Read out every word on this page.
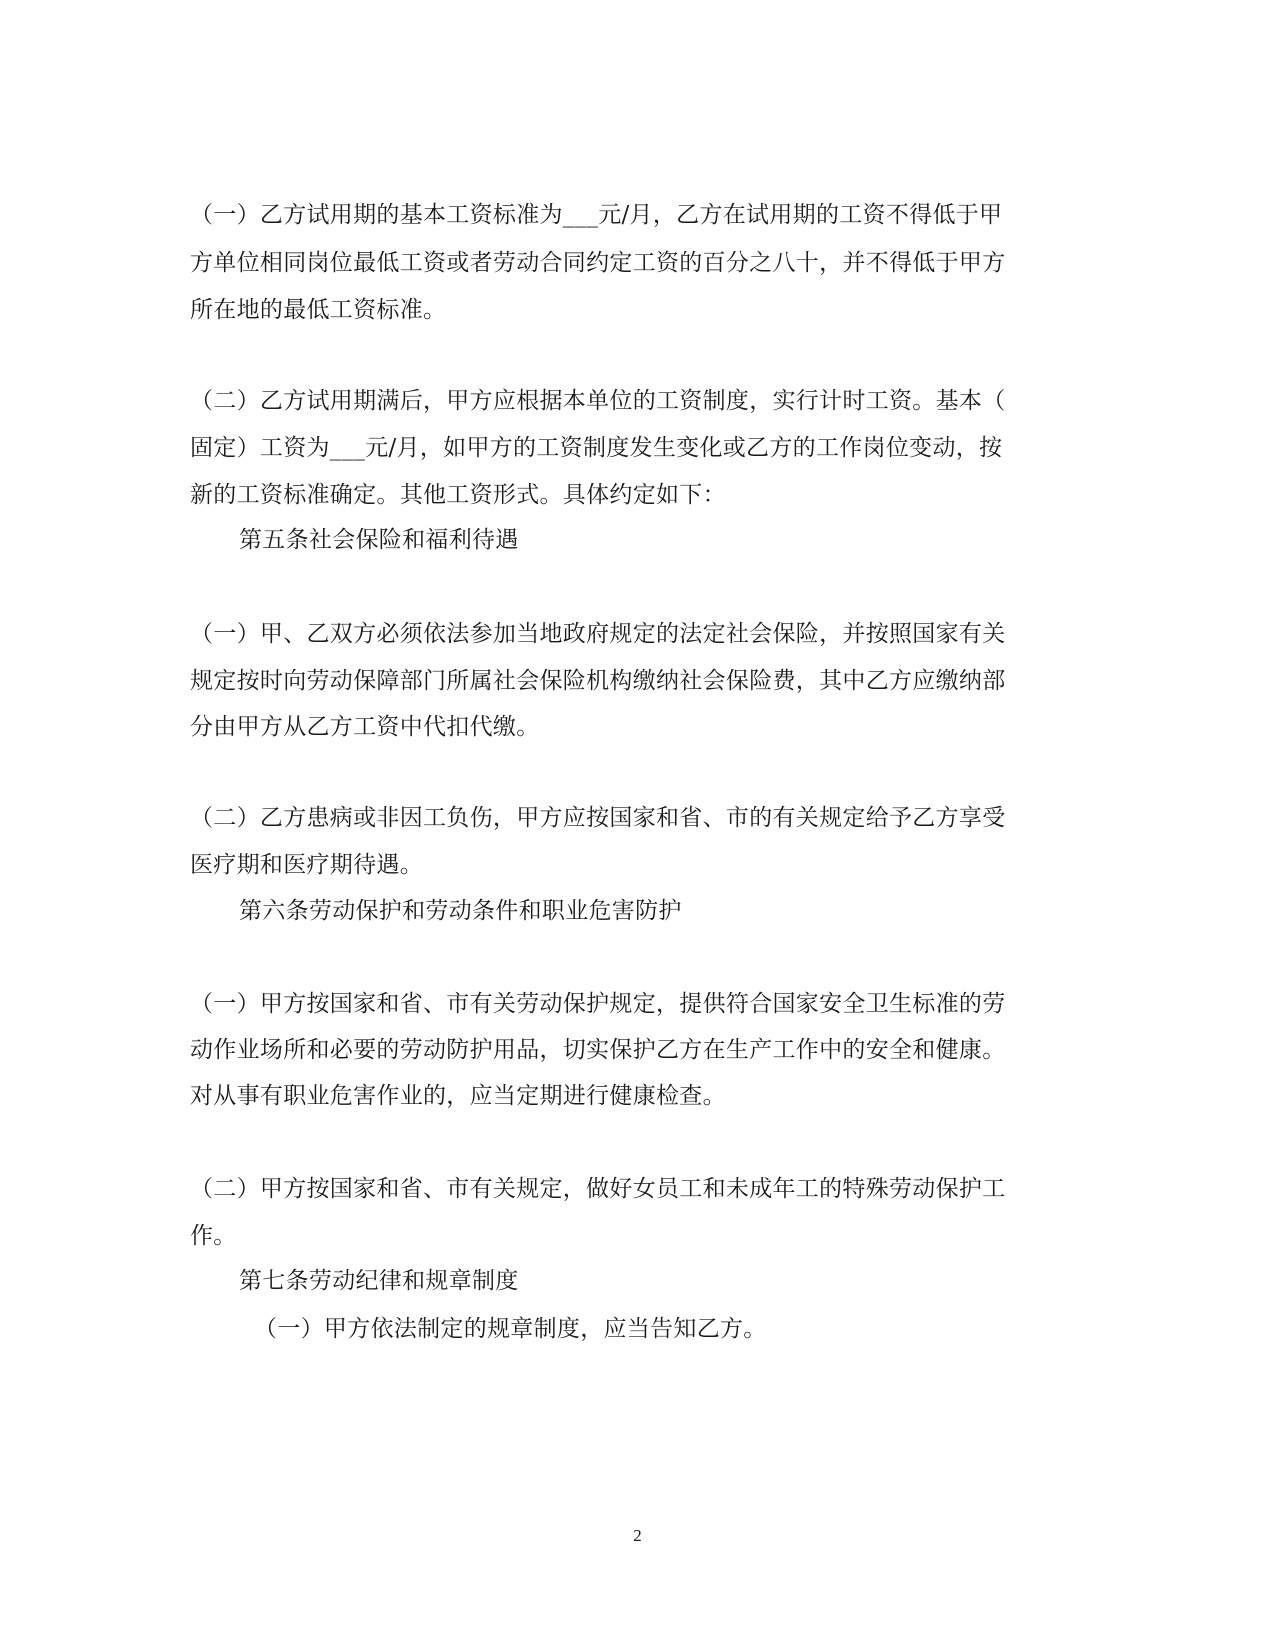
（一）乙方试用期的基本工资标准为___元/月，乙方在试用期的工资不得低于甲
方单位相同岗位最低工资或者劳动合同约定工资的百分之八十，并不得低于甲方
所在地的最低工资标准。
（二）乙方试用期满后，甲方应根据本单位的工资制度，实行计时工资。基本（
固定）工资为___元/月，如甲方的工资制度发生变化或乙方的工作岗位变动，按
新的工资标准确定。其他工资形式。具体约定如下：
第五条社会保险和福利待遇
（一）甲、乙双方必须依法参加当地政府规定的法定社会保险，并按照国家有关
规定按时向劳动保障部门所属社会保险机构缴纳社会保险费，其中乙方应缴纳部
分由甲方从乙方工资中代扣代缴。
（二）乙方患病或非因工负伤，甲方应按国家和省、市的有关规定给予乙方享受
医疗期和医疗期待遇。
第六条劳动保护和劳动条件和职业危害防护
（一）甲方按国家和省、市有关劳动保护规定，提供符合国家安全卫生标准的劳
动作业场所和必要的劳动防护用品，切实保护乙方在生产工作中的安全和健康。
对从事有职业危害作业的，应当定期进行健康检查。
（二）甲方按国家和省、市有关规定，做好女员工和未成年工的特殊劳动保护工
作。
第七条劳动纪律和规章制度
（一）甲方依法制定的规章制度，应当告知乙方。
2
